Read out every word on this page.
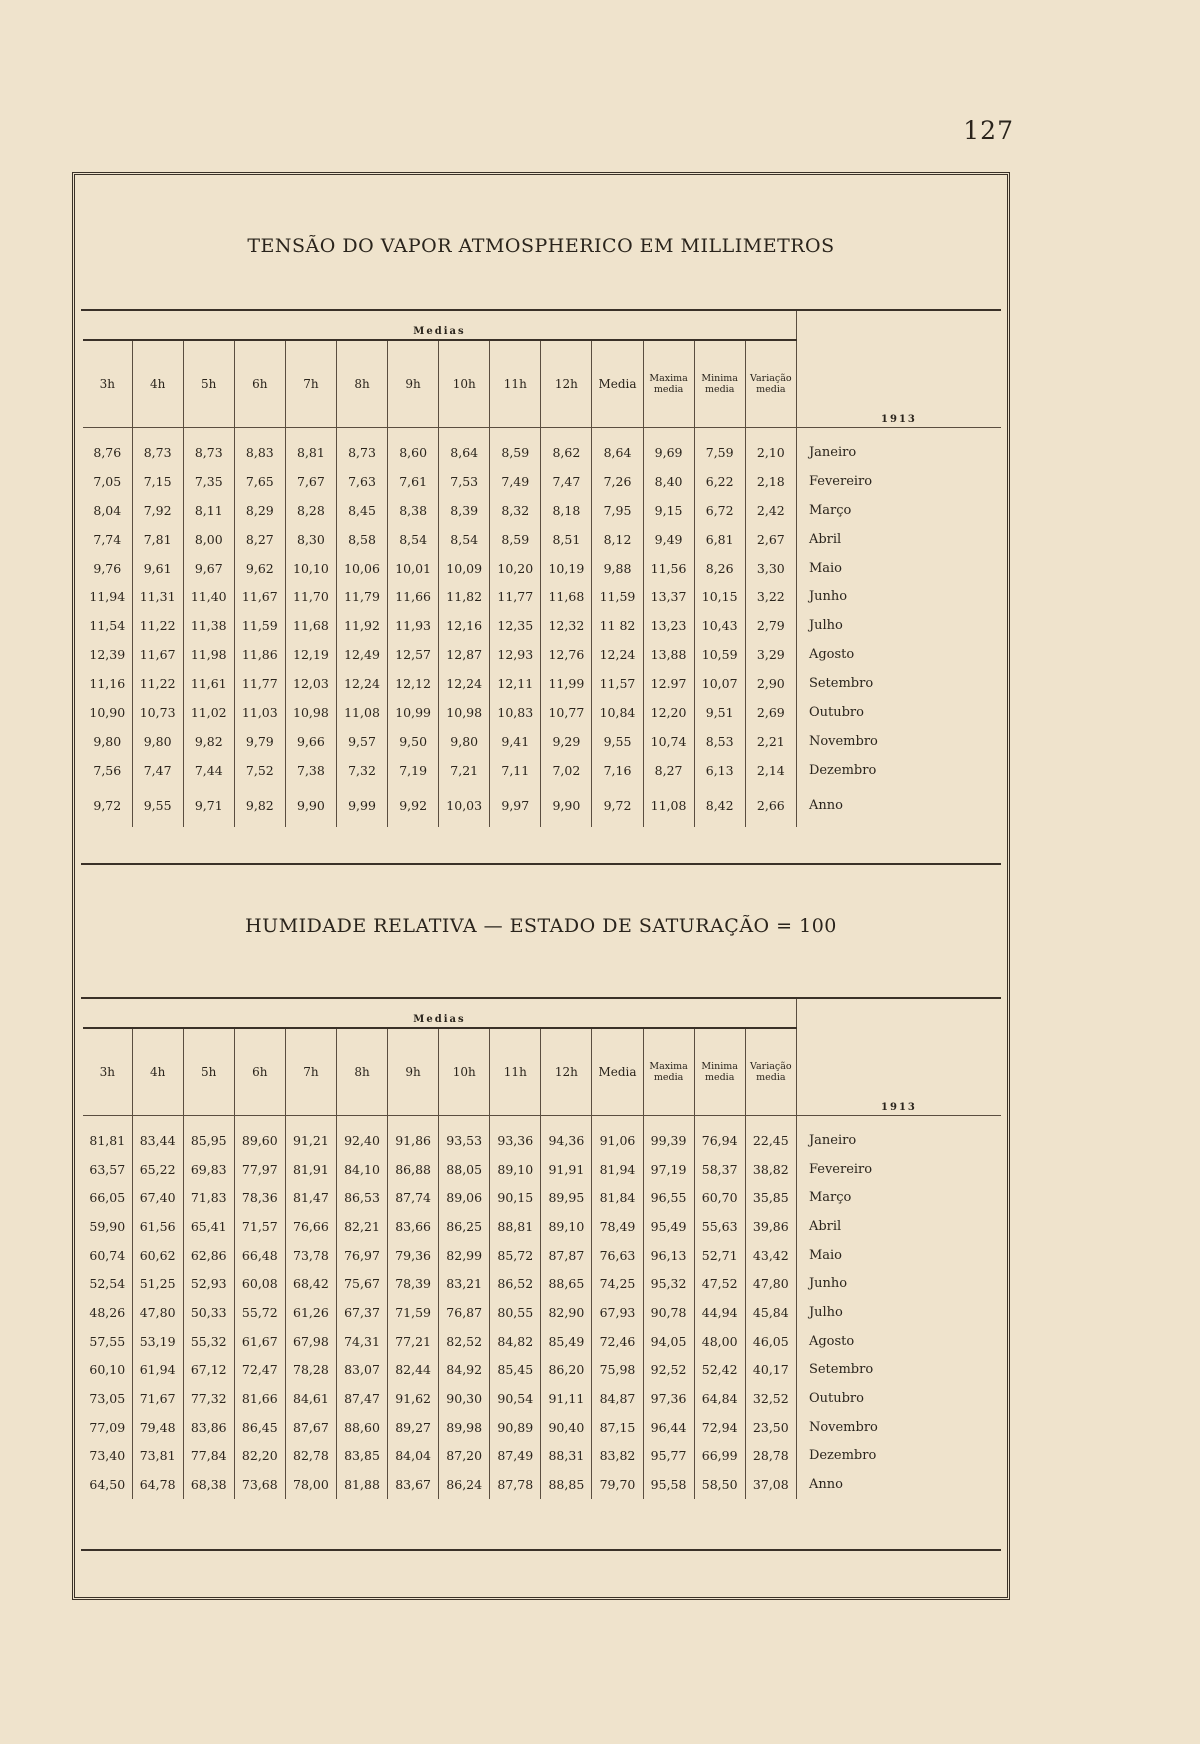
127
TENSÃO DO VAPOR ATMOSPHERICO EM MILLIMETROS
Medias														1913
3h	4h	5h	6h	7h	8h	9h	10h	11h	12h	Media	Maxima media	Minima media	Variação media	

8,76	8,73	8,73	8,83	8,81	8,73	8,60	8,64	8,59	8,62	8,64	9,69	7,59	2,10	Janeiro
7,05	7,15	7,35	7,65	7,67	7,63	7,61	7,53	7,49	7,47	7,26	8,40	6,22	2,18	Fevereiro
8,04	7,92	8,11	8,29	8,28	8,45	8,38	8,39	8,32	8,18	7,95	9,15	6,72	2,42	Março
7,74	7,81	8,00	8,27	8,30	8,58	8,54	8,54	8,59	8,51	8,12	9,49	6,81	2,67	Abril
9,76	9,61	9,67	9,62	10,10	10,06	10,01	10,09	10,20	10,19	9,88	11,56	8,26	3,30	Maio
11,94	11,31	11,40	11,67	11,70	11,79	11,66	11,82	11,77	11,68	11,59	13,37	10,15	3,22	Junho
11,54	11,22	11,38	11,59	11,68	11,92	11,93	12,16	12,35	12,32	11 82	13,23	10,43	2,79	Julho
12,39	11,67	11,98	11,86	12,19	12,49	12,57	12,87	12,93	12,76	12,24	13,88	10,59	3,29	Agosto
11,16	11,22	11,61	11,77	12,03	12,24	12,12	12,24	12,11	11,99	11,57	12.97	10,07	2,90	Setembro
10,90	10,73	11,02	11,03	10,98	11,08	10,99	10,98	10,83	10,77	10,84	12,20	9,51	2,69	Outubro
9,80	9,80	9,82	9,79	9,66	9,57	9,50	9,80	9,41	9,29	9,55	10,74	8,53	2,21	Novembro
7,56	7,47	7,44	7,52	7,38	7,32	7,19	7,21	7,11	7,02	7,16	8,27	6,13	2,14	Dezembro
9,72	9,55	9,71	9,82	9,90	9,99	9,92	10,03	9,97	9,90	9,72	11,08	8,42	2,66	Anno
HUMIDADE RELATIVA — ESTADO DE SATURAÇÃO = 100
Medias														1913
3h	4h	5h	6h	7h	8h	9h	10h	11h	12h	Media	Maxima media	Minima media	Variação media	

81,81	83,44	85,95	89,60	91,21	92,40	91,86	93,53	93,36	94,36	91,06	99,39	76,94	22,45	Janeiro
63,57	65,22	69,83	77,97	81,91	84,10	86,88	88,05	89,10	91,91	81,94	97,19	58,37	38,82	Fevereiro
66,05	67,40	71,83	78,36	81,47	86,53	87,74	89,06	90,15	89,95	81,84	96,55	60,70	35,85	Março
59,90	61,56	65,41	71,57	76,66	82,21	83,66	86,25	88,81	89,10	78,49	95,49	55,63	39,86	Abril
60,74	60,62	62,86	66,48	73,78	76,97	79,36	82,99	85,72	87,87	76,63	96,13	52,71	43,42	Maio
52,54	51,25	52,93	60,08	68,42	75,67	78,39	83,21	86,52	88,65	74,25	95,32	47,52	47,80	Junho
48,26	47,80	50,33	55,72	61,26	67,37	71,59	76,87	80,55	82,90	67,93	90,78	44,94	45,84	Julho
57,55	53,19	55,32	61,67	67,98	74,31	77,21	82,52	84,82	85,49	72,46	94,05	48,00	46,05	Agosto
60,10	61,94	67,12	72,47	78,28	83,07	82,44	84,92	85,45	86,20	75,98	92,52	52,42	40,17	Setembro
73,05	71,67	77,32	81,66	84,61	87,47	91,62	90,30	90,54	91,11	84,87	97,36	64,84	32,52	Outubro
77,09	79,48	83,86	86,45	87,67	88,60	89,27	89,98	90,89	90,40	87,15	96,44	72,94	23,50	Novembro
73,40	73,81	77,84	82,20	82,78	83,85	84,04	87,20	87,49	88,31	83,82	95,77	66,99	28,78	Dezembro
64,50	64,78	68,38	73,68	78,00	81,88	83,67	86,24	87,78	88,85	79,70	95,58	58,50	37,08	Anno
